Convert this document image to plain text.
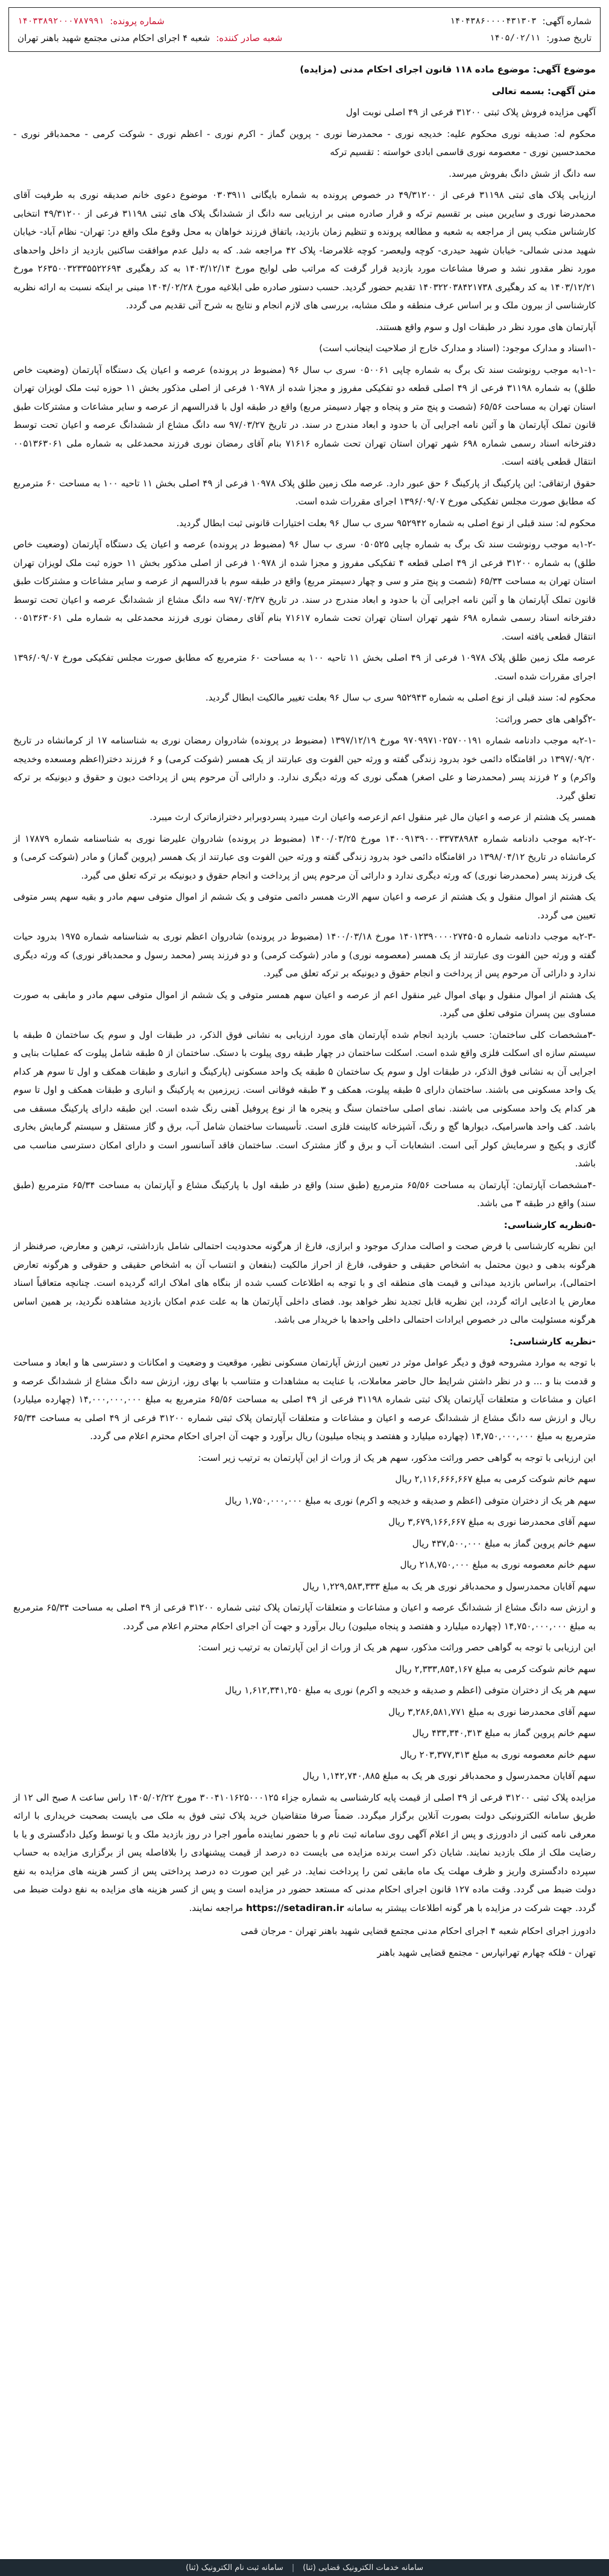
شماره آگهی:
۱۴۰۴۳۸۶۰۰۰۰۴۳۱۳۰۳
شماره پرونده:
۱۴۰۳۳۸۹۲۰۰۰۷۸۷۹۹۱
تاریخ صدور:
۱۴۰۵/۰۲/۱۱
شعبه صادر کننده:
شعبه ۴ اجرای احکام مدنی مجتمع شهید باهنر تهران

موضوع آگهی: موضوع ماده ۱۱۸ قانون اجرای احکام مدنی (مزایده)

متن آگهی: بسمه تعالی

آگهی مزایده فروش پلاک ثبتی ۳۱۲۰۰ فرعی از ۴۹ اصلی نوبت اول

محکوم له: صدیقه نوری محکوم علیه: خدیجه نوری - محمدرضا نوری - پروین گماز - اکرم نوری - اعظم نوری - شوکت کرمی - محمدباقر نوری - محمدحسین نوری - معصومه نوری قاسمی ابادی خواسته : تقسیم ترکه

سه دانگ از شش دانگ بفروش میرسد.

ارزیابی پلاک های ثبتی ۳۱۱۹۸ فرعی از ۴۹/۳۱۲۰۰ در خصوص پرونده به شماره بایگانی ۰۳۰۳۹۱۱ موضوع دعوی خانم صدیقه نوری به طرفیت آقای محمدرضا نوری و سایرین مبنی بر تقسیم ترکه و قرار صادره مبنی بر ارزیابی سه دانگ از ششدانگ پلاک های ثبتی ۳۱۱۹۸ فرعی از ۴۹/۳۱۲۰۰ انتخابی کارشناس متکب پس از مراجعه به شعبه و مطالعه پرونده و تنظیم زمان بازدید، باتفاق فرزند خواهان به محل وقوع ملک واقع در: تهران- نظام آباد- خیابان شهید مدنی شمالی- خیابان شهید حیدری- کوچه ولیعصر- کوچه غلامرضا- پلاک ۴۲ مراجعه شد. که به دلیل عدم موافقت ساکنین بازدید از داخل واحدهای مورد نظر مقدور نشد و صرفا مشاعات مورد بازدید قرار گرفت که مراتب طی لوایح مورخ ۱۴۰۳/۱۲/۱۴ به کد رهگیری ۲۶۳۵۰۰۳۲۳۳۵۵۲۲۶۹۴ مورخ ۱۴۰۳/۱۲/۲۱ به کد رهگیری ۱۴۰۳۲۲۰۳۸۴۲۱۷۳۸ تقدیم حضور گردید. حسب دستور صادره طی ابلاغیه مورخ ۱۴۰۴/۰۲/۲۸ مبنی بر اینکه نسبت به ارائه نظریه کارشناسی از بیرون ملک و بر اساس عرف منطقه و ملک مشابه، بررسی های لازم انجام و نتایج به شرح آتی تقدیم می گردد.

آپارتمان های مورد نظر در طبقات اول و سوم واقع هستند.

-۱اسناد و مدارک موجود: (اسناد و مدارک خارج از صلاحیت اینجانب است)

-۱-۱به موجب رونوشت سند تک برگ به شماره چاپی ۰۵۰۰۶۱ سری ب سال ۹۶ (مضبوط در پرونده) عرصه و اعیان یک دستگاه آپارتمان (وضعیت خاص طلق) به شماره ۳۱۱۹۸ فرعی از ۴۹ اصلی قطعه دو تفکیکی مفروز و مجزا شده از ۱۰۹۷۸ فرعی از اصلی مذکور بخش ۱۱ حوزه ثبت ملک لویزان تهران استان تهران به مساحت ۶۵/۵۶ (شصت و پنج متر و پنجاه و چهار دسیمتر مربع) واقع در طبقه اول با قدرالسهم از عرصه و سایر مشاعات و مشترکات طبق قانون تملک آپارتمان ها و آئین نامه اجرایی آن با حدود و ابعاد مندرج در سند. در تاریخ ۹۷/۰۳/۲۷ سه دانگ مشاع از ششدانگ عرصه و اعیان تحت توسط دفترخانه اسناد رسمی شماره ۶۹۸ شهر تهران استان تهران تحت شماره ۷۱۶۱۶ بنام آقای رمضان نوری فرزند محمدعلی به شماره ملی ۰۰۵۱۳۶۳۰۶۱ انتقال قطعی یافته است.

حقوق ارتفاقی: این پارکینگ از پارکینگ ۶ حق عبور دارد. عرصه ملک زمین طلق پلاک ۱۰۹۷۸ فرعی از ۴۹ اصلی بخش ۱۱ تاحیه ۱۰۰ به مساحت ۶۰ مترمربع که مطابق صورت مجلس تفکیکی مورخ ۱۳۹۶/۰۹/۰۷ اجرای مقررات شده است.

محکوم له: سند قبلی از نوع اصلی به شماره ۹۵۲۹۴۲ سری ب سال ۹۶ بعلت اختیارات قانونی ثبت ابطال گردید.

-۱-۲به موجب رونوشت سند تک برگ به شماره چاپی ۰۵۰۵۲۵ سری ب سال ۹۶ (مضبوط در پرونده) عرصه و اعیان یک دستگاه آپارتمان (وضعیت خاص طلق) به شماره ۳۱۲۰۰ فرعی از ۴۹ اصلی قطعه ۴ تفکیکی مفروز و مجزا شده از ۱۰۹۷۸ فرعی از اصلی مذکور بخش ۱۱ حوزه ثبت ملک لویزان تهران استان تهران به مساحت ۶۵/۳۴ (شصت و پنج متر و سی و چهار دسیمتر مربع) واقع در طبقه سوم با قدرالسهم از عرصه و سایر مشاعات و مشترکات طبق قانون تملک آپارتمان ها و آئین نامه اجرایی آن با حدود و ابعاد مندرج در سند. در تاریخ ۹۷/۰۳/۲۷ سه دانگ مشاع از ششدانگ عرصه و اعیان تحت توسط دفترخانه اسناد رسمی شماره ۶۹۸ شهر تهران استان تهران تحت شماره ۷۱۶۱۷ بنام آقای رمضان نوری فرزند محمدعلی به شماره ملی ۰۰۵۱۳۶۳۰۶۱ انتقال قطعی یافته است.

عرصه ملک زمین طلق پلاک ۱۰۹۷۸ فرعی از ۴۹ اصلی بخش ۱۱ تاحیه ۱۰۰ به مساحت ۶۰ مترمربع که مطابق صورت مجلس تفکیکی مورخ ۱۳۹۶/۰۹/۰۷ اجرای مقررات شده است.

محکوم له: سند قبلی از نوع اصلی به شماره ۹۵۲۹۴۳ سری ب سال ۹۶ بعلت تغییر مالکیت ابطال گردید.

-۲گواهی های حصر وراثت:

-۲-۱به موجب دادنامه شماره ۹۷۰۹۹۷۱۰۲۵۷۰۰۱۹۱ مورخ ۱۳۹۷/۱۲/۱۹ (مضبوط در پرونده) شادروان رمضان نوری به شناسنامه ۱۷ از کرمانشاه در تاریخ ۱۳۹۷/۰۹/۲۰ در اقامتگاه دائمی خود بدرود زندگی گفته و ورثه حین الفوت وی عبارتند از یک همسر (شوکت کرمی) و ۶ فرزند دختر(اعظم ومسعده وخدیجه واکرم) و ۲ فرزند پسر (محمدرضا و علی اصغر) همگی نوری که ورثه دیگری ندارد. و دارائی آن مرحوم پس از پرداخت دیون و حقوق و دیونیکه بر ترکه تعلق گیرد.

همسر یک هشتم از عرصه و اعیان مال غیر منقول اعم ازعرصه واعیان ارث میبرد پسردوبرابر دخترازماترک ارث میبرد.

-۲-۲به موجب دادنامه شماره ۱۴۰۰۹۱۳۹۰۰۰۳۳۷۳۸۹۸۴ مورخ ۱۴۰۰/۰۳/۲۵ (مضبوط در پرونده) شادروان علیرضا نوری به شناسنامه شماره ۱۷۸۷۹ از کرمانشاه در تاریخ ۱۳۹۸/۰۴/۱۲ در اقامتگاه دائمی خود بدرود زندگی گفته و ورثه حین الفوت وی عبارتند از یک همسر (پروین گماز) و مادر (شوکت کرمی) و یک فرزند پسر (محمدرضا نوری) که ورثه دیگری ندارد و دارائی آن مرحوم پس از پرداخت و انجام حقوق و دیونیکه بر ترکه تعلق می گیرد.

یک هشتم از اموال منقول و یک هشتم از عرصه و اعیان سهم الارث همسر دائمی متوفی و یک ششم از اموال متوفی سهم مادر و بقیه سهم پسر متوفی تعیین می گردد.

-۲-۳به موجب دادنامه شماره ۱۴۰۱۲۳۹۰۰۰۰۲۷۴۵۰۵ مورخ ۱۴۰۰/۰۳/۱۸ (مضبوط در پرونده) شادروان اعظم نوری به شناسنامه شماره ۱۹۷۵ بدرود حیات گفته و ورثه حین الفوت وی عبارتند از یک همسر (معصومه نوری) و مادر (شوکت کرمی) و دو فرزند پسر (محمد رسول و محمدباقر نوری) که ورثه دیگری ندارد و دارائی آن مرحوم پس از پرداخت و انجام حقوق و دیونیکه بر ترکه تعلق می گیرد.

یک هشتم از اموال منقول و بهای اموال غیر منقول اعم از عرصه و اعیان سهم همسر متوفی و یک ششم از اموال متوفی سهم مادر و مابقی به صورت مساوی بین پسران متوفی تعلق می گیرد.

-۳مشخصات کلی ساختمان: حسب بازدید انجام شده آپارتمان های مورد ارزیابی به نشانی فوق الذکر، در طبقات اول و سوم یک ساختمان ۵ طبقه با سیستم سازه ای اسکلت فلزی واقع شده است. اسکلت ساختمان در چهار طبقه روی پیلوت با دستک. ساختمان از ۵ طبقه شامل پیلوت که عملیات بنایی و اجرایی آن به نشانی فوق الذکر، در طبقات اول و سوم یک ساختمان ۵ طبقه یک واحد مسکونی (پارکینگ و انباری و طبقات همکف و اول تا سوم هر کدام یک واحد مسکونی می باشند. ساختمان دارای ۵ طبقه پیلوت، همکف و ۳ طبقه فوقانی است. زیرزمین به پارکینگ و انباری و طبقات همکف و اول تا سوم هر کدام یک واحد مسکونی می باشند. نمای اصلی ساختمان سنگ و پنجره ها از نوع پروفیل آهنی رنگ شده است. این طبقه دارای پارکینگ مسقف می باشد. کف واحد هاسرامیک، دیوارها گچ و رنگ، آشپزخانه کابینت فلزی است. تأسیسات ساختمان شامل آب، برق و گاز مستقل و سیستم گرمایش بخاری گازی و پکیج و سرمایش کولر آبی است. انشعابات آب و برق و گاز مشترک است. ساختمان فاقد آسانسور است و دارای امکان دسترسی مناسب می باشد.

-۴مشخصات آپارتمان: آپارتمان به مساحت ۶۵/۵۶ مترمربع (طبق سند) واقع در طبقه اول با پارکینگ مشاع و آپارتمان به مساحت ۶۵/۳۴ مترمربع (طبق سند) واقع در طبقه ۳ می باشد.

-۵نظریه کارشناسی:

این نظریه کارشناسی با فرض صحت و اصالت مدارک موجود و ابرازی، فارغ از هرگونه محدودیت احتمالی شامل بازداشتی، ترهین و معارض، صرفنظر از هرگونه بدهی و دیون محتمل به اشخاص حقیقی و حقوقی، فارغ از احراز مالکیت (بنفعان و انتساب آن به اشخاص حقیقی و حقوقی و هرگونه تعارض احتمالی)، براساس بازدید میدانی و قیمت های منطقه ای و با توجه به اطلاعات کسب شده از بنگاه های املاک ارائه گردیده است. چنانچه متعاقباً اسناد معارض یا ادعایی ارائه گردد، این نظریه قابل تجدید نظر خواهد بود. فضای داخلی آپارتمان ها به علت عدم امکان بازدید مشاهده نگردید، بر همین اساس هرگونه مسئولیت مالی در خصوص ایرادات احتمالی داخلی واحدها با خریدار می باشد.

-نظریه کارشناسی:

با توجه به موارد مشروحه فوق و دیگر عوامل موثر در تعیین ارزش آپارتمان مسکونی نظیر، موقعیت و وضعیت و امکانات و دسترسی ها و ابعاد و مساحت و قدمت بنا و ... و در نظر داشتن شرایط حال حاضر معاملات، با عنایت به مشاهدات و متناسب با بهای روز، ارزش سه دانگ مشاع از ششدانگ عرصه و اعیان و مشاعات و متعلقات آپارتمان پلاک ثبتی شماره ۳۱۱۹۸ فرعی از ۴۹ اصلی به مساحت ۶۵/۵۶ مترمربع به مبلغ ۱۴,۰۰۰,۰۰۰,۰۰۰ (چهارده میلیارد) ریال و ارزش سه دانگ مشاع از ششدانگ عرصه و اعیان و مشاعات و متعلقات آپارتمان پلاک ثبتی شماره ۳۱۲۰۰ فرعی از ۴۹ اصلی به مساحت ۶۵/۳۴ مترمربع به مبلغ ۱۴,۷۵۰,۰۰۰,۰۰۰ (چهارده میلیارد و هفتصد و پنجاه میلیون) ریال برآورد و جهت آن اجرای احکام محترم اعلام می گردد.

این ارزیابی با توجه به گواهی حصر وراثت مذکور، سهم هر یک از وراث از این آپارتمان به ترتیب زیر است:

سهم خانم شوکت کرمی به مبلغ ۲,۱۱۶,۶۶۶,۶۶۷ ریال

سهم هر یک از دختران متوفی (اعظم و صدیقه و خدیجه و اکرم) نوری به مبلغ ۱,۷۵۰,۰۰۰,۰۰۰ ریال

سهم آقای محمدرضا نوری به مبلغ ۳,۶۷۹,۱۶۶,۶۶۷ ریال

سهم خانم پروین گماز به مبلغ ۴۳۷,۵۰۰,۰۰۰ ریال

سهم خانم معصومه نوری به مبلغ ۲۱۸,۷۵۰,۰۰۰ ریال

سهم آقایان محمدرسول و محمدباقر نوری هر یک به مبلغ ۱,۲۲۹,۵۸۳,۳۳۳ ریال

و ارزش سه دانگ مشاع از ششدانگ عرصه و اعیان و مشاعات و متعلقات آپارتمان پلاک ثبتی شماره ۳۱۲۰۰ فرعی از ۴۹ اصلی به مساحت ۶۵/۳۴ مترمربع به مبلغ ۱۴,۷۵۰,۰۰۰,۰۰۰ (چهارده میلیارد و هفتصد و پنجاه میلیون) ریال برآورد و جهت آن اجرای احکام محترم اعلام می گردد.

این ارزیابی با توجه به گواهی حصر وراثت مذکور، سهم هر یک از وراث از این آپارتمان به ترتیب زیر است:

سهم خانم شوکت کرمی به مبلغ ۲,۳۳۳,۸۵۴,۱۶۷ ریال

سهم هر یک از دختران متوفی (اعظم و صدیقه و خدیجه و اکرم) نوری به مبلغ ۱,۶۱۲,۳۴۱,۲۵۰ ریال

سهم آقای محمدرضا نوری به مبلغ ۳,۲۸۶,۵۸۱,۷۷۱ ریال

سهم خانم پروین گماز به مبلغ ۴۳۳,۳۴۰,۳۱۳ ریال

سهم خانم معصومه نوری به مبلغ ۲۰۳,۳۷۷,۳۱۳ ریال

سهم آقایان محمدرسول و محمدباقر نوری هر یک به مبلغ ۱,۱۴۲,۷۴۰,۸۸۵ ریال

مزایده پلاک ثبتی ۳۱۲۰۰ فرعی از ۴۹ اصلی از قیمت پایه کارشناسی به شماره جزاء ۳۰۰۴۱۰۱۶۲۵۰۰۰۱۲۵ مورخ ۱۴۰۵/۰۲/۲۲ راس ساعت ۸ صبح الی ۱۲ از طریق سامانه الکترونیکی دولت بصورت آنلاین برگزار میگردد. ضمناً صرفا متقاضیان خرید پلاک ثبتی فوق به ملک می بایست بصحبت خریداری با ارائه معرفی نامه کتبی از دادورزی و پس از اعلام آگهی روی سامانه ثبت نام و با حضور نماینده مأمور اجرا در روز بازدید ملک و یا توسط وکیل دادگستری و یا با رضایت ملک از ملک بازدید نمایند. شایان ذکر است برنده مزایده می بایست ده درصد از قیمت پیشنهادی را بلافاصله پس از برگزاری مزایده به حساب سپرده دادگستری واریز و ظرف مهلت یک ماه مابقی ثمن را پرداخت نماید. در غیر این صورت ده درصد پرداختی پس از کسر هزینه های مزایده به نفع دولت ضبط می گردد. وقت ماده ۱۲۷ قانون اجرای احکام مدنی که مستعد حضور در مزایده است و پس از کسر هزینه های مزایده به نفع دولت ضبط می گردد. جهت شرکت در مزایده با هر گونه اطلاعات بیشتر به سامانه https://setadiran.ir مراجعه نمایند.

دادورز اجرای احکام شعبه ۴ اجرای احکام مدنی مجتمع قضایی شهید باهنر تهران - مرجان قمی

تهران - فلکه چهارم تهرانپارس - مجتمع قضایی شهید باهنر

سامانه خدمات الکترونیک قضایی (ثنا)
|
سامانه ثبت نام الکترونیک (ثنا)
